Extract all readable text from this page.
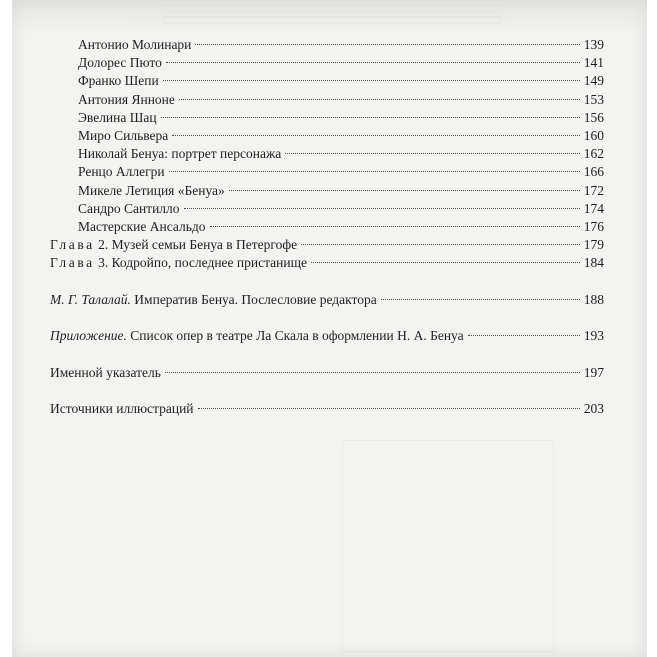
Антонио Молинари	139
Долорес Пюто	141
Франко Шепи	149
Антония Янноне	153
Эвелина Шац	156
Миро Сильвера	160
Николай Бенуа: портрет персонажа	162
Ренцо Аллегри	166
Микеле Летиция «Бенуа»	172
Сандро Сантилло	174
Мастерские Ансальдо	176
Глава 2. Музей семьи Бенуа в Петергофе	179
Глава 3. Кодройпо, последнее пристанище	184
М. Г. Талалай. Императив Бенуа. Послесловие редактора	188
Приложение. Список опер в театре Ла Скала в оформлении Н. А. Бенуа	193
Именной указатель	197
Источники иллюстраций	203
